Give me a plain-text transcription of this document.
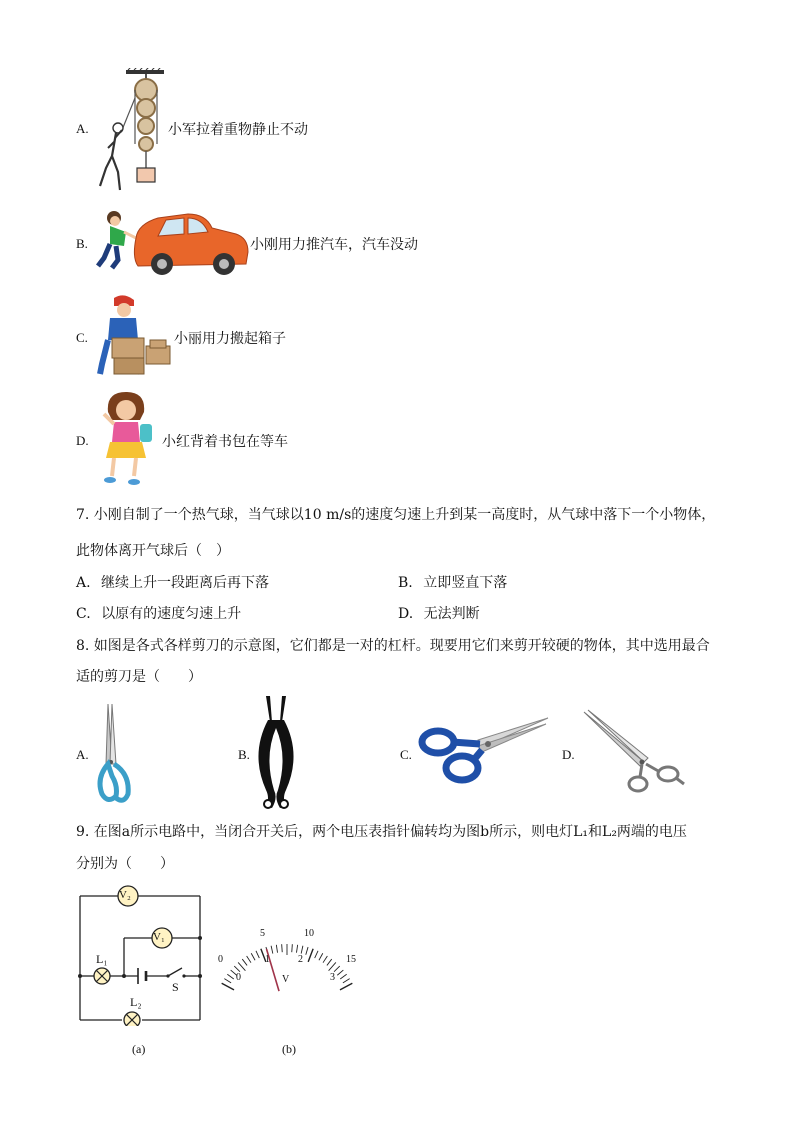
A.	小军拉着重物静止不动
B.	小刚用力推汽车，汽车没动
C.	小丽用力搬起箱子
D.	小红背着书包在等车
7. 小刚自制了一个热气球，当气球以10 m/s的速度匀速上升到某一高度时，从气球中落下一个小物体，
此物体离开气球后（　）
A. 继续上升一段距离后再下落	B. 立即竖直下落
C. 以原有的速度匀速上升	D. 无法判断
8. 如图是各式各样剪刀的示意图，它们都是一对的杠杆。现要用它们来剪开较硬的物体，其中选用最合
适的剪刀是（　　）
A.	B.	C.	D.
9. 在图a所示电路中，当闭合开关后，两个电压表指针偏转均为图b所示，则电灯L₁和L₂两端的电压
分别为（　　）
V₂
V₁
L₁
L₂
S
(a)
0
5	10
15
0
1	2
3
V
(b)
